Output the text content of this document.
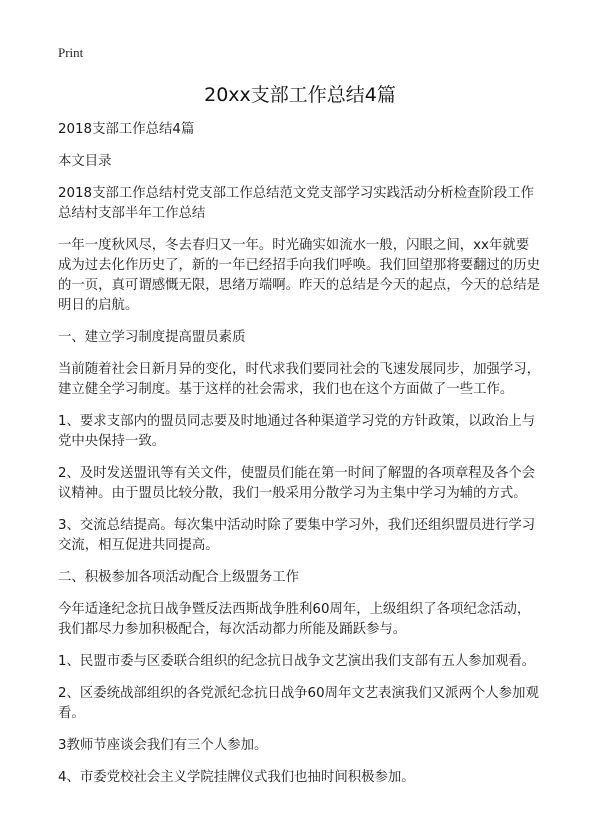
Print
20xx支部工作总结4篇

2018支部工作总结4篇

本文目录

2018支部工作总结村党支部工作总结范文党支部学习实践活动分析检查阶段工作总结村支部半年工作总结

一年一度秋风尽，冬去春归又一年。时光确实如流水一般，闪眼之间，xx年就要成为过去化作历史了，新的一年已经招手向我们呼唤。我们回望那将要翻过的历史的一页，真可谓感慨无限，思绪万端啊。昨天的总结是今天的起点，今天的总结是明日的启航。

一、建立学习制度提高盟员素质

当前随着社会日新月异的变化，时代求我们要同社会的飞速发展同步，加强学习，建立健全学习制度。基于这样的社会需求，我们也在这个方面做了一些工作。

1、要求支部内的盟员同志要及时地通过各种渠道学习党的方针政策，以政治上与党中央保持一致。

2、及时发送盟讯等有关文件，使盟员们能在第一时间了解盟的各项章程及各个会议精神。由于盟员比较分散，我们一般采用分散学习为主集中学习为辅的方式。

3、交流总结提高。每次集中活动时除了要集中学习外，我们还组织盟员进行学习交流，相互促进共同提高。

二、积极参加各项活动配合上级盟务工作

今年适逢纪念抗日战争暨反法西斯战争胜利60周年，上级组织了各项纪念活动，我们都尽力参加积极配合，每次活动都力所能及踊跃参与。

1、民盟市委与区委联合组织的纪念抗日战争文艺演出我们支部有五人参加观看。

2、区委统战部组织的各党派纪念抗日战争60周年文艺表演我们又派两个人参加观看。

3教师节座谈会我们有三个人参加。

4、市委党校社会主义学院挂牌仪式我们也抽时间积极参加。
